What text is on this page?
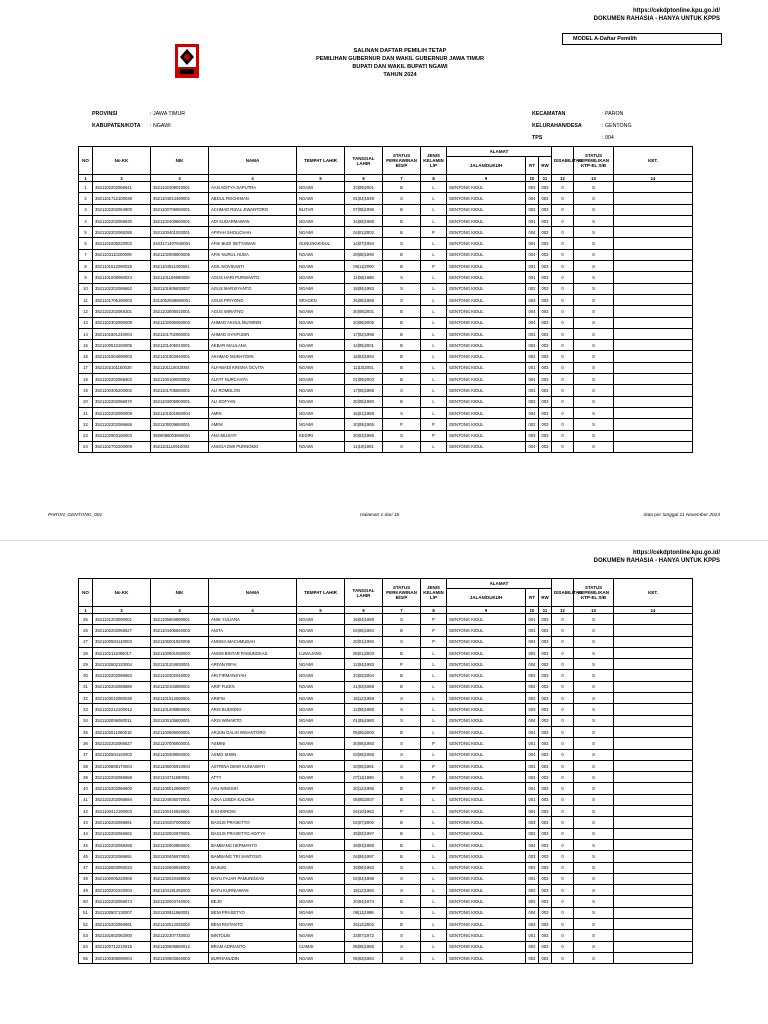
https://cekdptonline.kpu.go.id/
DOKUMEN RAHASIA - HANYA UNTUK KPPS
MODEL A-Daftar Pemilih
SALINAN DAFTAR PEMILIH TETAP
PEMILIHAN GUBERNUR DAN WAKIL GUBERNUR JAWA TIMUR
BUPATI DAN WAKIL BUPATI NGAWI
TAHUN 2024
PROVINSI	: JAWA TIMUR
KABUPATEN/KOTA : NGAWI
KECAMATAN	: PARON
KELURAHAN/DESA	: GENTONG
TPS	: 004
NO	No KK	NIK	NAMA	TEMPAT LAHIR	TANGGAL LAHIR	STATUS PERKAWINAN B/S/P	JENIS KELAMIN L/P	ALAMAT			DISABILITAS	STATUS KEPEMILIKAN KTP-EL S/B	KET.
								JALAN/DUKUH	RT	RW			
1	2	3	4	5	6	7	8	9	10	11	12	13	14
1	3521102202066641	3521102309010001	AAN ADITYA SAPUTRA	NGAWI	23|09|2001	B	L	GENTONG KIDUL	002	003	0	S	
2	3521101712100038	3521104014490001	ABDUL ROCHIMAN	NGAWI	01|04|1949	S	L	GENTONG KIDUL	004	003	0	S	
3	3521102202064900	3521100706960001	ACHMAD RIZAL JIWANTORO	BLITAR	07|06|1996	B	L	GENTONG KIDUL	002	003	0	S	
4	3521102202066630	3521102408860001	ADI SUDARMAWAN	NGAWI	24|08|1986	B	L	GENTONG KIDUL	001	003	0	S	
5	3521102202068295	3521100401020001	AFIFAH SHOLICHAH	NGAWI	04|01|2002	B	P	GENTONG KIDUL	004	003	0	S	
6	3521101608220002	3403171407940001	AFIK BUDI SETYAWAN	GUNUNGKIDUL	14|07|1994	S	L	GENTONG KIDUL	004	003	0	S	
7	3521103110200009	3521102908900006	AFIK NURUL HUDA	NGAWI	29|08|1990	B	L	GENTONG KIDUL	004	003	0	S	
8	3521101512090025	3521104911000001	AGIL NOVISANTI	NGAWI	09|11|2000	B	P	GENTONG KIDUL	001	003	0	S	
9	3521101008090024	3521101106680009	AGUS HARI PURWANTO	NGAWI	11|06|1968	S	L	GENTONG KIDUL	001	003	0	S	
10	3521102202066662	3521101806830007	AGUS MARSIYANTO	NGAWI	18|06|1983	S	L	GENTONG KIDUL	002	003	0	S	
11	3521101706160003	3314052508860001	AGUS PRIYONO	SRAGEN	25|08|1986	S	L	GENTONG KIDUL	003	003	0	S	
12	3521102202068301	3521103008010001	AGUS WIRATNO	NGAWI	30|08|2001	B	L	GENTONG KIDUL	004	003	0	S	
13	3521102302090009	3521102006050003	AHMAD AKHUL MU'MININ	NGAWI	20|06|2005	B	L	GENTONG KIDUL	004	003	0	S	
14	3521101601240004	3521101702960001	AHMAD SYAIFUDIN	NGAWI	17|02|1996	B	L	GENTONG KIDUL	001	003	0	S	
15	3521100510150005	3521101405010001	AKBAR MAULANA	NGAWI	14|05|2001	B	L	GENTONG KIDUL	002	003	0	S	
16	3521101604090003	3521101803940001	AKHMAD MUKHYIDIN	NGAWI	18|03|1994	B	L	GENTONG KIDUL	002	003	0	S	
17	3521102101150020	3521101110010004	ALFABADI KRISNA OCVITA	NGAWI	11|10|2001	B	L	GENTONG KIDUL	001	003	0	S	
18	3521102202068302	3521100109030002	ALFAT NURCAHYA	NGAWI	01|09|2003	B	L	GENTONG KIDUL	004	003	0	S	
19	3521100405200002	3521101705850001	ALI ROMDLON	NGAWI	17|05|1985	S	L	GENTONG KIDUL	001	003	0	S	
20	3521102202066670	3521103005900001	ALI SOFYAN	NGAWI	30|05|1990	B	L	GENTONG KIDUL	002	003	0	S	
21	3521102202090009	3521101501680004	AMIN	NGAWI	15|01|1968	S	L	GENTONG KIDUL	004	003	0	S	
22	3521102202066666	3521105009650001	AMINI	NGAWI	10|09|1965	P	P	GENTONG KIDUL	002	003	0	S	
23	3521102903160003	3506086003860001	ANA MUJIATI	KEDIRI	20|03|1986	S	P	GENTONG KIDUL	003	003	0	S	
24	3521102702200009	3521101110910002	ANGGA DWI PURNOMO	NGAWI	11|10|1991	S	L	GENTONG KIDUL	004	003	0	S	
PARON_GENTONG_001	Halaman 1 dari 18	data per tanggal 11 November 2024
https://cekdptonline.kpu.go.id/
DOKUMEN RAHASIA - HANYA UNTUK KPPS
NO	No KK	NIK	NAMA	TEMPAT LAHIR	TANGGAL LAHIR	STATUS PERKAWINAN B/S/P	JENIS KELAMIN L/P	ALAMAT			DISABILITAS	STATUS KEPEMILIKAN KTP-EL S/B	KET.
								JALAN/DUKUH	RT	RW			
1	2	3	4	5	6	7	8	9	10	11	12	13	14
25	3521101203090001	3521105604890001	ANIK YULIANA	NGAWI	16|04|1989	S	P	GENTONG KIDUL	001	003	0	S	
26	3521102202066627	3521104406840003	ANITA	NGAWI	04|06|1984	B	P	GENTONG KIDUL	001	003	0	S	
27	3521100504140003	3521106001920006	ANNISA MACHMUDAH	NGAWI	20|01|1992	S	P	GENTONG KIDUL	004	003	0	S	
28	3521102111080017	3521100501030002	ANOM BINTAR PAMUNGKAS	LUMAJANG	05|01|2003	B	L	GENTONG KIDUL	002	003	0	S	
29	3521102602120004	3521101204830001	ARFAN RIFAI	NGAWI	12|04|1983	P	L	GENTONG KIDUL	004	003	0	S	
30	3521102202066683	3521102302040002	ARI FIRMANSYAH	NGAWI	23|02|2004	B	L	GENTONG KIDUL	002	003	0	S	
31	3521102202066590	3521102103890001	ARIF FUDIN	NGAWI	21|03|1989	B	L	GENTONG KIDUL	002	003	0	S	
32	3521103010080038	3521101512590001	ARIFIN	NGAWI	15|12|1959	S	L	GENTONG KIDUL	002	003	0	S	
33	3521102212100012	3521101206850001	ARIS BUDIONO	NGAWI	12|06|1985	S	L	GENTONG KIDUL	003	003	0	S	
34	3521100006080011	3521100105800001	ARIS WINARTO	NGAWI	01|05|1980	S	L	GENTONG KIDUL	004	003	0	S	
35	3521102511080018	3521100506000001	ARJUN GALIH WISANTORO	NGAWI	05|06|2000	B	L	GENTONG KIDUL	001	003	0	S	
36	3521102202066627	3521107006600001	ASMINI	NGAWI	30|06|1960	S	P	GENTONG KIDUL	001	003	0	S	
37	3521102504120003	3521100308550001	ASMO SIMIN	NGAWI	03|08|1955	S	L	GENTONG KIDUL	004	003	0	S	
38	3521100808170004	3521106005910004	ASTRINA DEWI KUNIAWATI	NGAWI	20|05|1991	S	P	GENTONG KIDUL	001	003	0	S	
39	3521102202066658	3521104711690001	ATTY	NGAWI	07|11|1969	S	P	GENTONG KIDUL	002	003	0	S	
40	3521102202066600	3521106012960007	AYU NINGSIH	NGAWI	20|12|1996	B	P	GENTONG KIDUL	001	003	0	S	
41	3521102202066694	3521104505070001	AZKA LEBDA KALOKA	NGAWI	05|05|2007	B	L	GENTONG KIDUL	001	003	0	S	
42	3521100412190003	3521100410620001	B KHOIRONI	NGAWI	04|10|1962	P	L	GENTONG KIDUL	004	003	0	S	
43	3521102202066691	3521100207000002	BAGUS PRASETYO	NGAWI	02|07|2000	B	L	GENTONG KIDUL	003	003	0	S	
44	3521102202066662	3521102502970001	BAGUS PRASETYO ADITYA	NGAWI	25|02|1997	B	L	GENTONG KIDUL	002	003	0	S	
45	3521102202068268	3521102903850001	BAMBANG HERMANTO	NGAWI	29|03|1985	B	L	GENTONG KIDUL	004	003	0	S	
46	3521102202066691	3521100406970001	BAMBANG TRI SANTOSO	NGAWI	04|06|1997	B	L	GENTONG KIDUL	003	003	0	S	
47	3521102603080033	3521102506630002	BASUKI	NGAWI	25|06|1963	S	L	GENTONG KIDUL	002	003	0	S	
48	3521100005220006	3521102020498003	BAYU FAJAR PAMUNGKAS	NGAWI	02|04|1998	S	L	GENTONG KIDUL	001	003	0	S	
49	3521100202220004	3521104191292003	BAYU KURNIAWAN	NGAWI	19|12|1992	S	L	GENTONG KIDUL	002	003	0	S	
50	3521102202066674	3521102004740001	BEJO	NGAWI	20|04|1974	B	L	GENTONG KIDUL	002	003	0	S	
51	3521100507130007	3521100911860001	BENI PRASETYO	NGAWI	09|11|1986	S	L	GENTONG KIDUL	004	003	0	S	
52	3521102202066691	3521102512020002	BENI RISTANTO	NGAWI	25|12|2002	B	L	GENTONG KIDUL	003	003	0	S	
53	3521101602062000	3521102307720002	BINTOLIB	NGAWI	23|07|1972	S	L	GENTONG KIDUL	001	003	0	S	
54	3521100712210015	3521100506850012	BRAM ADRIANTO	CIAMIS	05|06|1985	S	L	GENTONG KIDUL	002	003	0	S	
55	3521100308090004	3521100503840003	BURHANUDIN	NGAWI	05|03|1984	S	L	GENTONG KIDUL	002	003	0	S	
